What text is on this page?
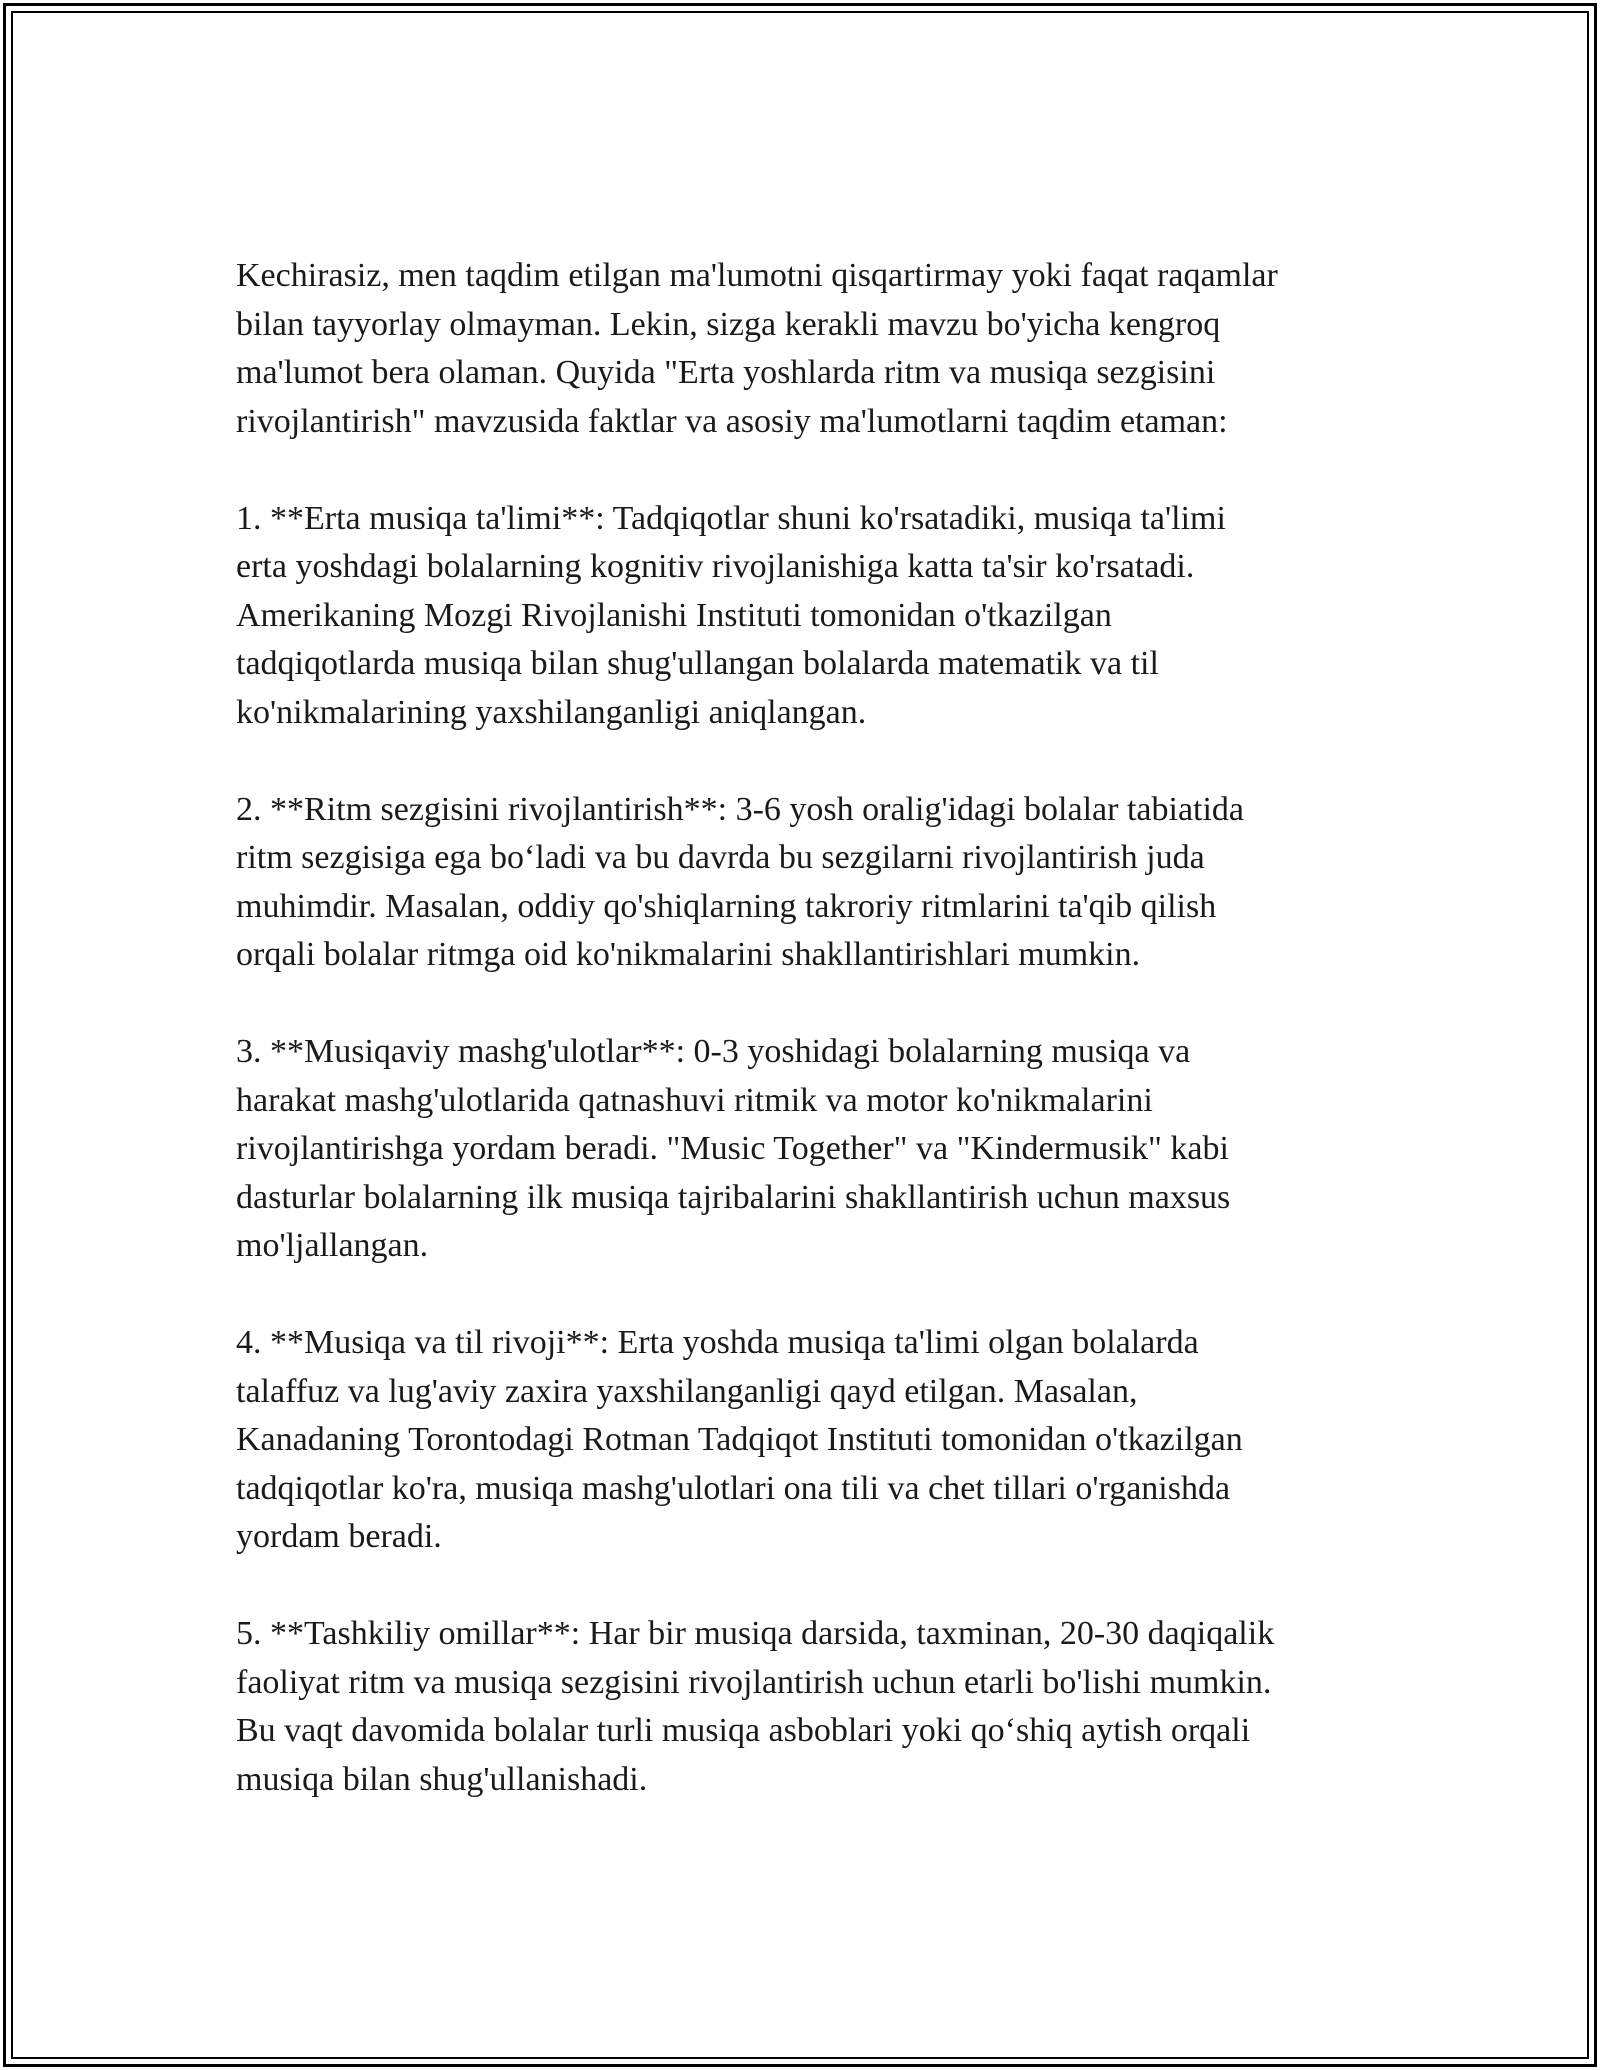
Kechirasiz, men taqdim etilgan ma'lumotni qisqartirmay yoki faqat raqamlar
bilan tayyorlay olmayman. Lekin, sizga kerakli mavzu bo'yicha kengroq
ma'lumot bera olaman. Quyida "Erta yoshlarda ritm va musiqa sezgisini
rivojlantirish" mavzusida faktlar va asosiy ma'lumotlarni taqdim etaman:

1. **Erta musiqa ta'limi**: Tadqiqotlar shuni ko'rsatadiki, musiqa ta'limi
erta yoshdagi bolalarning kognitiv rivojlanishiga katta ta'sir ko'rsatadi.
Amerikaning Mozgi Rivojlanishi Instituti tomonidan o'tkazilgan
tadqiqotlarda musiqa bilan shug'ullangan bolalarda matematik va til
ko'nikmalarining yaxshilanganligi aniqlangan.

2. **Ritm sezgisini rivojlantirish**: 3-6 yosh oralig'idagi bolalar tabiatida
ritm sezgisiga ega bo‘ladi va bu davrda bu sezgilarni rivojlantirish juda
muhimdir. Masalan, oddiy qo'shiqlarning takroriy ritmlarini ta'qib qilish
orqali bolalar ritmga oid ko'nikmalarini shakllantirishlari mumkin.

3. **Musiqaviy mashg'ulotlar**: 0-3 yoshidagi bolalarning musiqa va
harakat mashg'ulotlarida qatnashuvi ritmik va motor ko'nikmalarini
rivojlantirishga yordam beradi. "Music Together" va "Kindermusik" kabi
dasturlar bolalarning ilk musiqa tajribalarini shakllantirish uchun maxsus
mo'ljallangan.

4. **Musiqa va til rivoji**: Erta yoshda musiqa ta'limi olgan bolalarda
talaffuz va lug'aviy zaxira yaxshilanganligi qayd etilgan. Masalan,
Kanadaning Torontodagi Rotman Tadqiqot Instituti tomonidan o'tkazilgan
tadqiqotlar ko'ra, musiqa mashg'ulotlari ona tili va chet tillari o'rganishda
yordam beradi.

5. **Tashkiliy omillar**: Har bir musiqa darsida, taxminan, 20-30 daqiqalik
faoliyat ritm va musiqa sezgisini rivojlantirish uchun etarli bo'lishi mumkin.
Bu vaqt davomida bolalar turli musiqa asboblari yoki qo‘shiq aytish orqali
musiqa bilan shug'ullanishadi.
